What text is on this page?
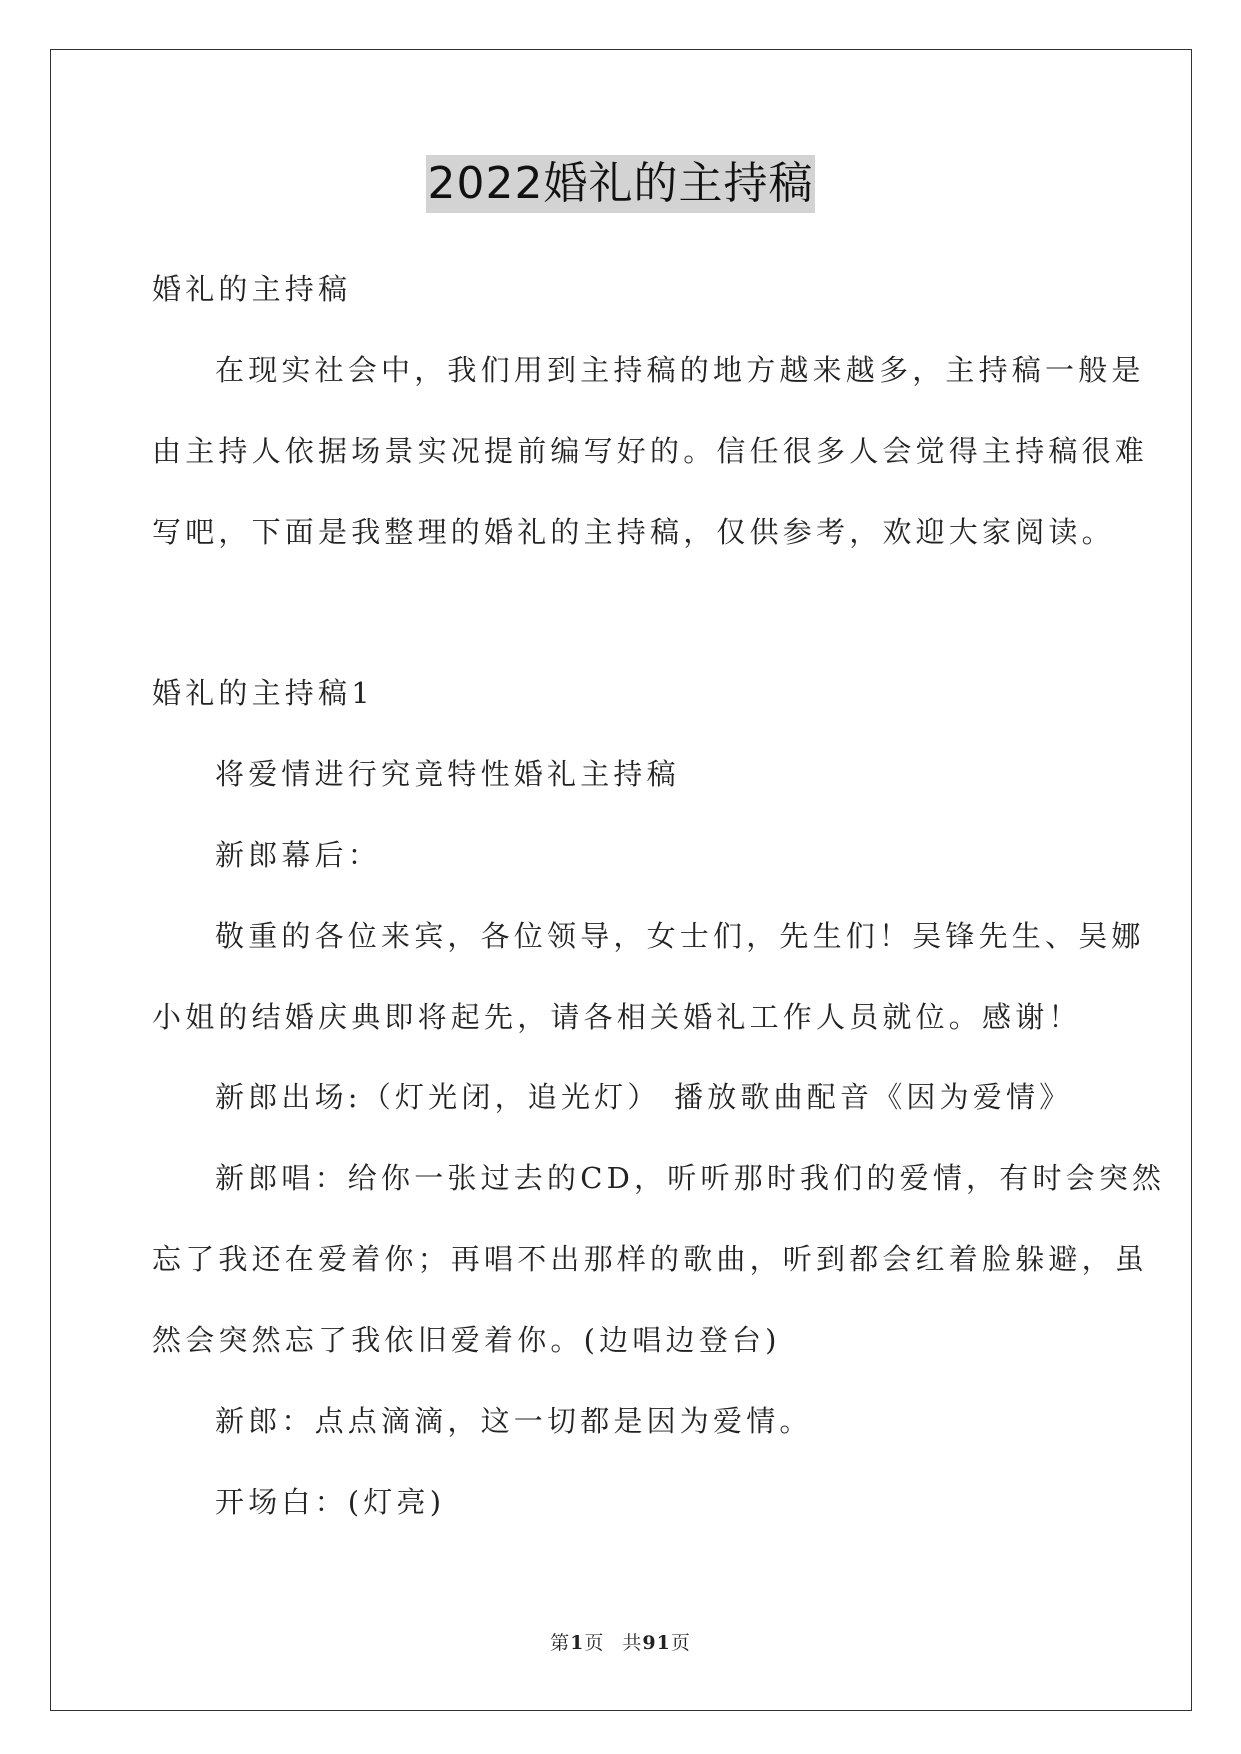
2022婚礼的主持稿
婚礼的主持稿
在现实社会中，我们用到主持稿的地方越来越多，主持稿一般是
由主持人依据场景实况提前编写好的。信任很多人会觉得主持稿很难
写吧，下面是我整理的婚礼的主持稿，仅供参考，欢迎大家阅读。
婚礼的主持稿1
将爱情进行究竟特性婚礼主持稿
新郎幕后：
敬重的各位来宾，各位领导，女士们，先生们！吴锋先生、吴娜
小姐的结婚庆典即将起先，请各相关婚礼工作人员就位。感谢！
新郎出场:（灯光闭，追光灯） 播放歌曲配音《因为爱情》
新郎唱：给你一张过去的CD，听听那时我们的爱情，有时会突然
忘了我还在爱着你；再唱不出那样的歌曲，听到都会红着脸躲避，虽
然会突然忘了我依旧爱着你。(边唱边登台)
新郎：点点滴滴，这一切都是因为爱情。
开场白：(灯亮)
第1页 共91页
